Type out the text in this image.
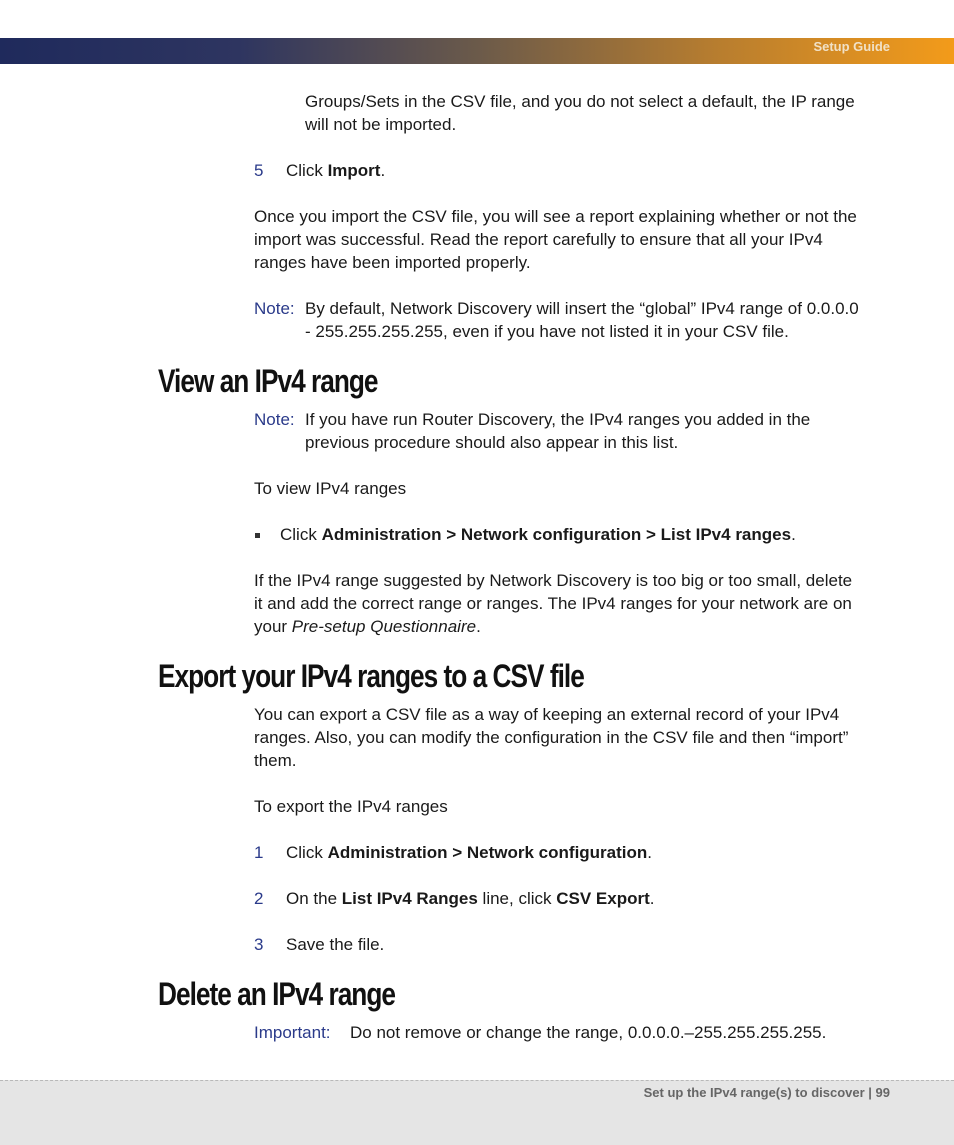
Setup Guide
Groups/Sets in the CSV file, and you do not select a default, the IP range
will not be imported.
5 Click Import.
Once you import the CSV file, you will see a report explaining whether or not the
import was successful. Read the report carefully to ensure that all your IPv4
ranges have been imported properly.
Note: By default, Network Discovery will insert the “global” IPv4 range of 0.0.0.0
- 255.255.255.255, even if you have not listed it in your CSV file.
View an IPv4 range
Note: If you have run Router Discovery, the IPv4 ranges you added in the
previous procedure should also appear in this list.
To view IPv4 ranges
Click Administration > Network configuration > List IPv4 ranges.
If the IPv4 range suggested by Network Discovery is too big or too small, delete
it and add the correct range or ranges. The IPv4 ranges for your network are on
your Pre-setup Questionnaire.
Export your IPv4 ranges to a CSV file
You can export a CSV file as a way of keeping an external record of your IPv4
ranges. Also, you can modify the configuration in the CSV file and then “import”
them.
To export the IPv4 ranges
1 Click Administration > Network configuration.
2 On the List IPv4 Ranges line, click CSV Export.
3 Save the file.
Delete an IPv4 range
Important: Do not remove or change the range, 0.0.0.0.–255.255.255.255.
Set up the IPv4 range(s) to discover | 99
